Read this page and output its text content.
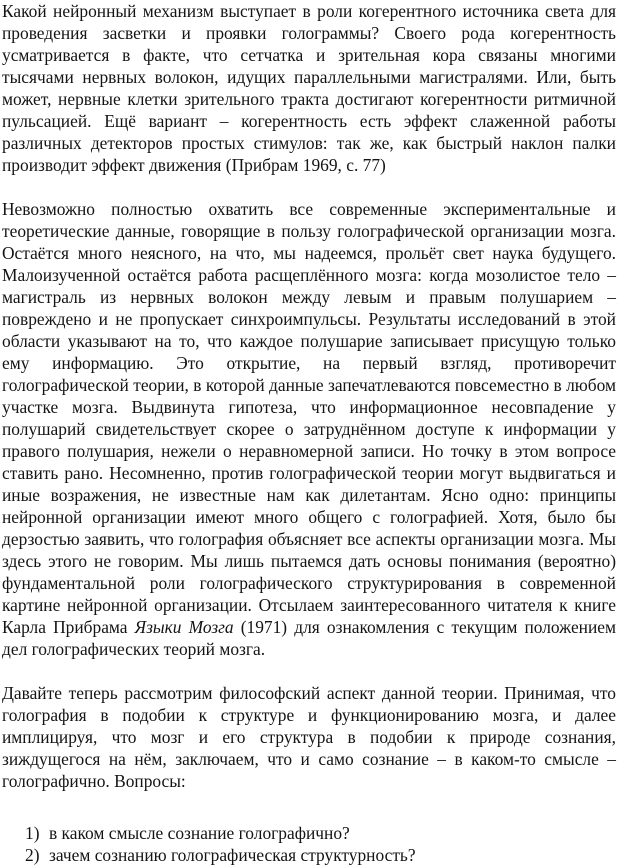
Какой нейронный механизм выступает в роли когерентного источника света для проведения засветки и проявки голограммы? Своего рода когерентность усматривается в факте, что сетчатка и зрительная кора связаны многими тысячами нервных волокон, идущих параллельными магистралями. Или, быть может, нервные клетки зрительного тракта достигают когерентности ритмичной пульсацией. Ещё вариант – когерентность есть эффект слаженной работы различных детекторов простых стимулов: так же, как быстрый наклон палки производит эффект движения (Прибрам 1969, с. 77)

Невозможно полностью охватить все современные экспериментальные и теоретические данные, говорящие в пользу голографической организации мозга. Остаётся много неясного, на что, мы надеемся, прольёт свет наука будущего. Малоизученной остаётся работа расщеплённого мозга: когда мозолистое тело – магистраль из нервных волокон между левым и правым полушарием – повреждено и не пропускает синхроимпульсы. Результаты исследований в этой области указывают на то, что каждое полушарие записывает присущую только ему информацию. Это открытие, на первый взгляд, противоречит голографической теории, в которой данные запечатлеваются повсеместно в любом участке мозга. Выдвинута гипотеза, что информационное несовпадение у полушарий свидетельствует скорее о затруднённом доступе к информации у правого полушария, нежели о неравномерной записи. Но точку в этом вопросе ставить рано. Несомненно, против голографической теории могут выдвигаться и иные возражения, не известные нам как дилетантам. Ясно одно: принципы нейронной организации имеют много общего с голографией. Хотя, было бы дерзостью заявить, что голография объясняет все аспекты организации мозга. Мы здесь этого не говорим. Мы лишь пытаемся дать основы понимания (вероятно) фундаментальной роли голографического структурирования в современной картине нейронной организации. Отсылаем заинтересованного читателя к книге Карла Прибрама Языки Мозга (1971) для ознакомления с текущим положением дел голографических теорий мозга.

Давайте теперь рассмотрим философский аспект данной теории. Принимая, что голография в подобии к структуре и функционированию мозга, и далее имплицируя, что мозг и его структура в подобии к природе сознания, зиждущегося на нём, заключаем, что и само сознание – в каком-то смысле – голографично. Вопросы:

1) в каком смысле сознание голографично?
2) зачем сознанию голографическая структурность?
